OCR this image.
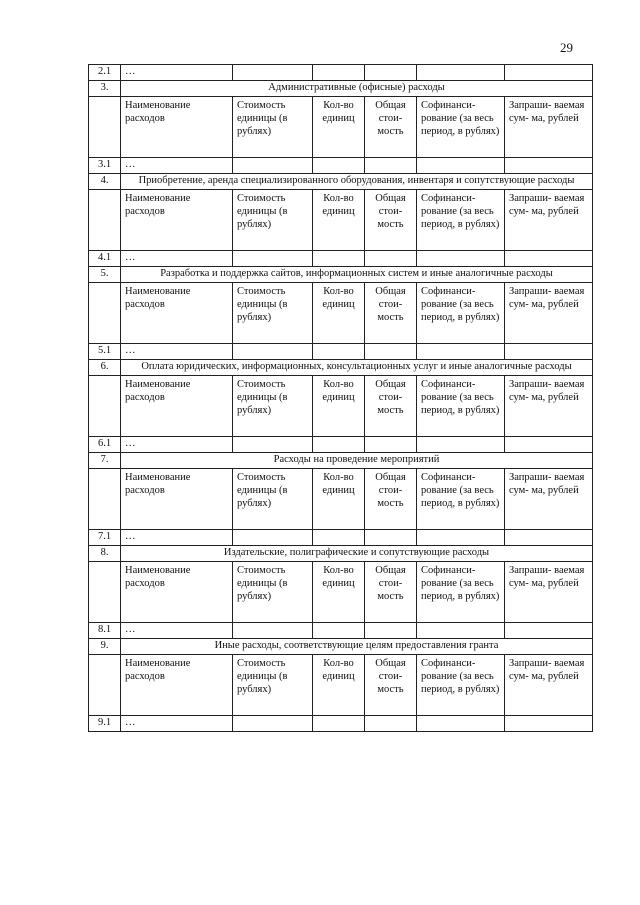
29
2.1	…					
3.	Административные (офисные) расходы					
	Наименование расходов	Стоимость единицы (в рублях)	Кол-во единиц	Общая стои- мость	Софинанси- рование (за весь период, в рублях)	Запраши- ваемая сум- ма, рублей
3.1	…					
4.	Приобретение, аренда специализированного оборудования, инвентаря и сопутствующие расходы					
	Наименование расходов	Стоимость единицы (в рублях)	Кол-во единиц	Общая стои- мость	Софинанси- рование (за весь период, в рублях)	Запраши- ваемая сум- ма, рублей
4.1	…					
5.	Разработка и поддержка сайтов, информационных систем и иные аналогичные расходы					
	Наименование расходов	Стоимость единицы (в рублях)	Кол-во единиц	Общая стои- мость	Софинанси- рование (за весь период, в рублях)	Запраши- ваемая сум- ма, рублей
5.1	…					
6.	Оплата юридических, информационных, консультационных услуг и иные аналогичные расходы					
	Наименование расходов	Стоимость единицы (в рублях)	Кол-во единиц	Общая стои- мость	Софинанси- рование (за весь период, в рублях)	Запраши- ваемая сум- ма, рублей
6.1	…					
7.	Расходы на проведение мероприятий					
	Наименование расходов	Стоимость единицы (в рублях)	Кол-во единиц	Общая стои- мость	Софинанси- рование (за весь период, в рублях)	Запраши- ваемая сум- ма, рублей
7.1	…					
8.	Издательские, полиграфические и сопутствующие расходы					
	Наименование расходов	Стоимость единицы (в рублях)	Кол-во единиц	Общая стои- мость	Софинанси- рование (за весь период, в рублях)	Запраши- ваемая сум- ма, рублей
8.1	…					
9.	Иные расходы, соответствующие целям предоставления гранта					
	Наименование расходов	Стоимость единицы (в рублях)	Кол-во единиц	Общая стои- мость	Софинанси- рование (за весь период, в рублях)	Запраши- ваемая сум- ма, рублей
9.1	…					
